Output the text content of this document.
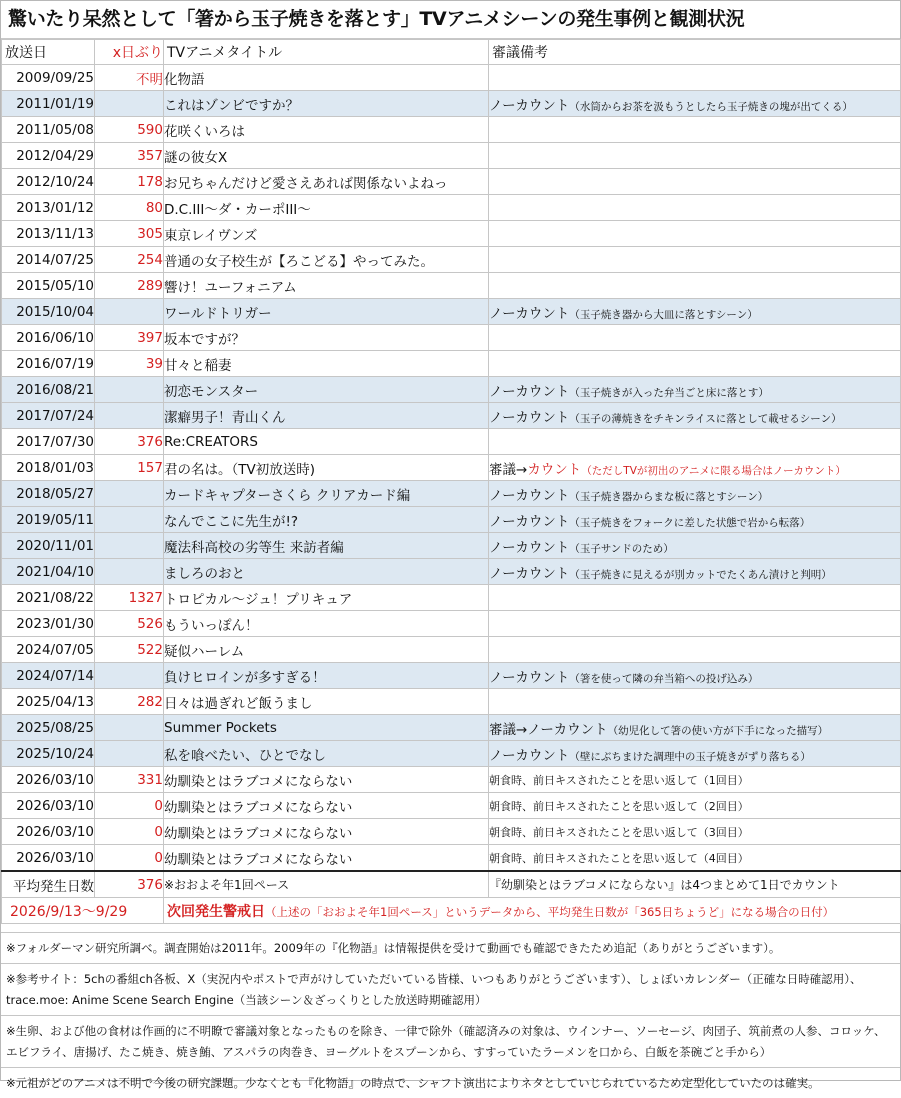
驚いたり呆然として「箸から玉子焼きを落とす」TVアニメシーンの発生事例と観測状況
放送日	x日ぶり	TVアニメタイトル	審議備考
2009/09/25	不明	化物語	
2011/01/19		これはゾンビですか？	ノーカウント（水筒からお茶を汲もうとしたら玉子焼きの塊が出てくる）
2011/05/08	590	花咲くいろは	
2012/04/29	357	謎の彼女X	
2012/10/24	178	お兄ちゃんだけど愛さえあれば関係ないよねっ	
2013/01/12	80	D.C.III～ダ・カーポIII～	
2013/11/13	305	東京レイヴンズ	
2014/07/25	254	普通の女子校生が【ろこどる】やってみた。	
2015/05/10	289	響け！ユーフォニアム	
2015/10/04		ワールドトリガー	ノーカウント（玉子焼き器から大皿に落とすシーン）
2016/06/10	397	坂本ですが？	
2016/07/19	39	甘々と稲妻	
2016/08/21		初恋モンスター	ノーカウント（玉子焼きが入った弁当ごと床に落とす）
2017/07/24		潔癖男子！青山くん	ノーカウント（玉子の薄焼きをチキンライスに落として載せるシーン）
2017/07/30	376	Re:CREATORS	
2018/01/03	157	君の名は。（TV初放送時)	審議→カウント（ただしTVが初出のアニメに限る場合はノーカウント）
2018/05/27		カードキャプターさくら クリアカード編	ノーカウント（玉子焼き器からまな板に落とすシーン）
2019/05/11		なんでここに先生が!?	ノーカウント（玉子焼きをフォークに差した状態で岩から転落）
2020/11/01		魔法科高校の劣等生 来訪者編	ノーカウント（玉子サンドのため）
2021/04/10		ましろのおと	ノーカウント（玉子焼きに見えるが別カットでたくあん漬けと判明）
2021/08/22	1327	トロピカル～ジュ！プリキュア	
2023/01/30	526	もういっぽん！	
2024/07/05	522	疑似ハーレム	
2024/07/14		負けヒロインが多すぎる！	ノーカウント（箸を使って隣の弁当箱への投げ込み）
2025/04/13	282	日々は過ぎれど飯うまし	
2025/08/25		Summer Pockets	審議→ノーカウント（幼児化して箸の使い方が下手になった描写）
2025/10/24		私を喰べたい、ひとでなし	ノーカウント（壁にぶちまけた調理中の玉子焼きがずり落ちる）
2026/03/10	331	幼馴染とはラブコメにならない	朝食時、前日キスされたことを思い返して（1回目）
2026/03/10	0	幼馴染とはラブコメにならない	朝食時、前日キスされたことを思い返して（2回目）
2026/03/10	0	幼馴染とはラブコメにならない	朝食時、前日キスされたことを思い返して（3回目）
2026/03/10	0	幼馴染とはラブコメにならない	朝食時、前日キスされたことを思い返して（4回目）
平均発生日数	376	※おおよそ年1回ペース	『幼馴染とはラブコメにならない』は4つまとめて1日でカウント
2026/9/13～9/29		次回発生警戒日（上述の「おおよそ年1回ペース」というデータから、平均発生日数が「365日ちょうど」になる場合の日付）	
※フォルダーマン研究所調べ。調査開始は2011年。2009年の『化物語』は情報提供を受けて動画でも確認できたため追記（ありがとうございます）。
※参考サイト：5chの番組ch各板、X（実況内やポストで声がけしていただいている皆様、いつもありがとうございます）、しょぼいカレンダー（正確な日時確認用）、trace.moe: Anime Scene Search Engine（当該シーン＆ざっくりとした放送時期確認用）
※生卵、および他の食材は作画的に不明瞭で審議対象となったものを除き、一律で除外（確認済みの対象は、ウインナー、ソーセージ、肉団子、筑前煮の人参、コロッケ、エビフライ、唐揚げ、たこ焼き、焼き鮪、アスパラの肉巻き、ヨーグルトをスプーンから、すすっていたラーメンを口から、白飯を茶碗ごと手から）
※元祖がどのアニメは不明で今後の研究課題。少なくとも『化物語』の時点で、シャフト演出によりネタとしていじられているため定型化していたのは確実。
